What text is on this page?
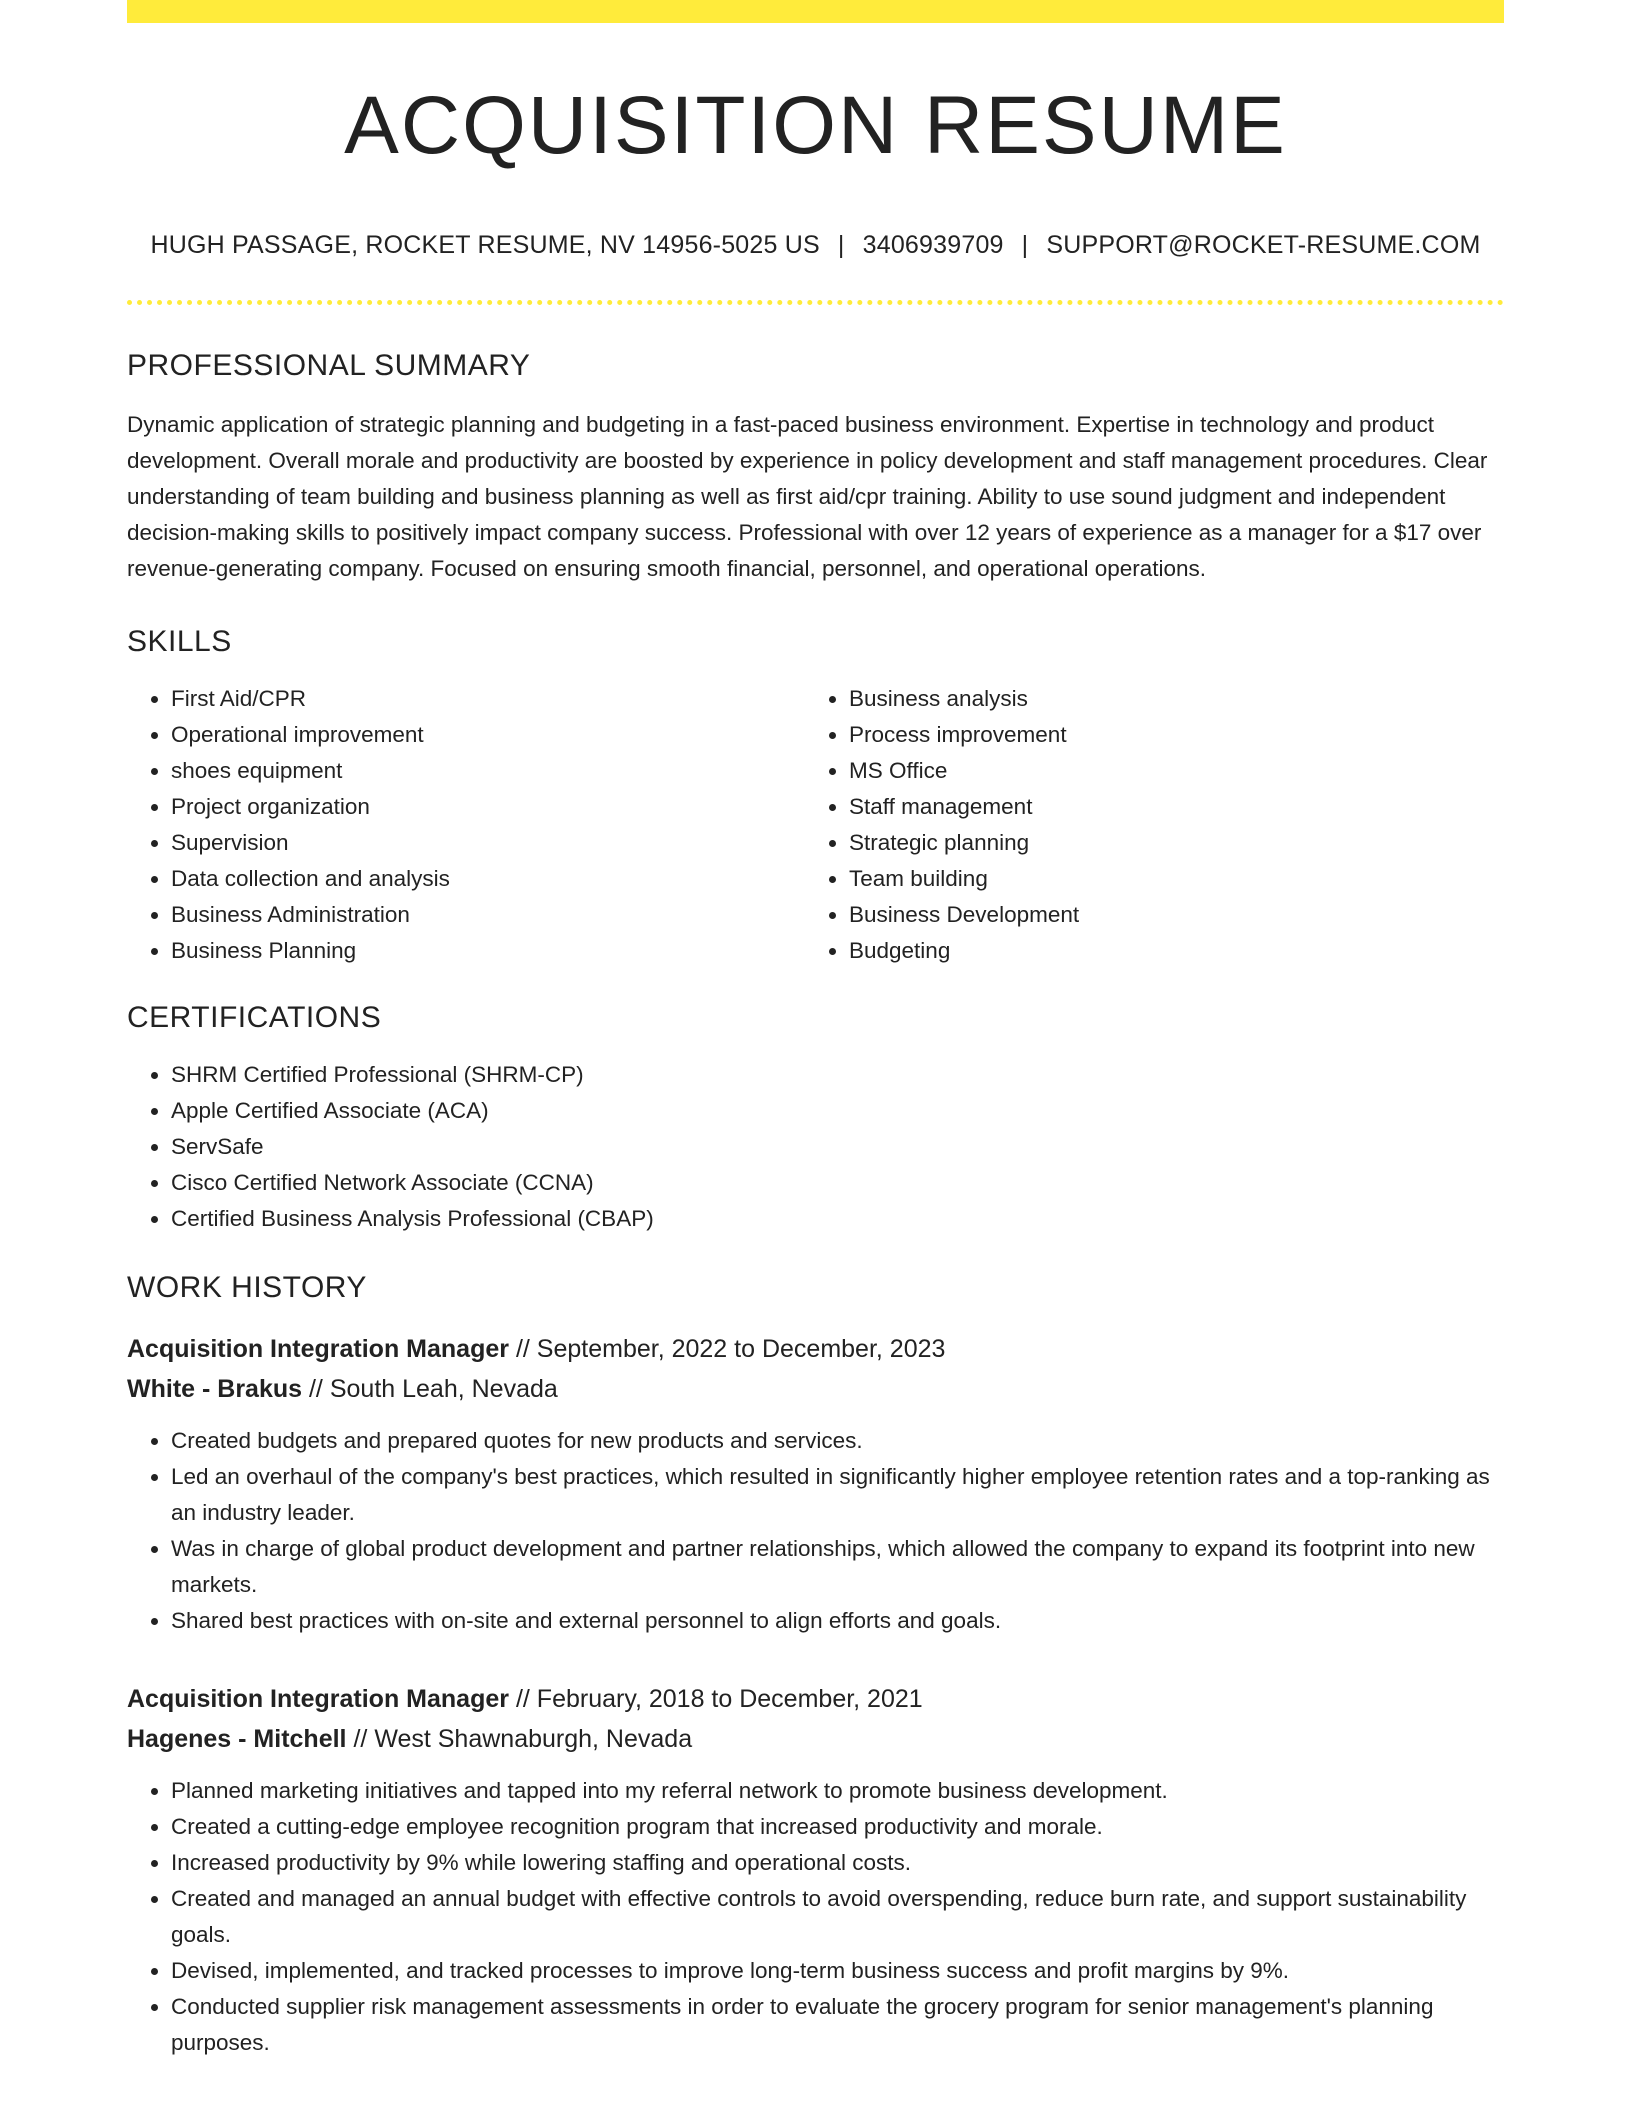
ACQUISITION RESUME
HUGH PASSAGE, ROCKET RESUME, NV 14956-5025 US | 3406939709 | SUPPORT@ROCKET-RESUME.COM
PROFESSIONAL SUMMARY

Dynamic application of strategic planning and budgeting in a fast-paced business environment. Expertise in technology and product development. Overall morale and productivity are boosted by experience in policy development and staff management procedures. Clear understanding of team building and business planning as well as first aid/cpr training. Ability to use sound judgment and independent decision-making skills to positively impact company success. Professional with over 12 years of experience as a manager for a $17 over revenue-generating company. Focused on ensuring smooth financial, personnel, and operational operations.

SKILLS
• First Aid/CPR
• Operational improvement
• shoes equipment
• Project organization
• Supervision
• Data collection and analysis
• Business Administration
• Business Planning
• Business analysis
• Process improvement
• MS Office
• Staff management
• Strategic planning
• Team building
• Business Development
• Budgeting
CERTIFICATIONS
• SHRM Certified Professional (SHRM-CP)
• Apple Certified Associate (ACA)
• ServSafe
• Cisco Certified Network Associate (CCNA)
• Certified Business Analysis Professional (CBAP)
WORK HISTORY
Acquisition Integration Manager // September, 2022 to December, 2023
White - Brakus // South Leah, Nevada
• Created budgets and prepared quotes for new products and services.
• Led an overhaul of the company's best practices, which resulted in significantly higher employee retention rates and a top-ranking as an industry leader.
• Was in charge of global product development and partner relationships, which allowed the company to expand its footprint into new markets.
• Shared best practices with on-site and external personnel to align efforts and goals.
Acquisition Integration Manager // February, 2018 to December, 2021
Hagenes - Mitchell // West Shawnaburgh, Nevada
• Planned marketing initiatives and tapped into my referral network to promote business development.
• Created a cutting-edge employee recognition program that increased productivity and morale.
• Increased productivity by 9% while lowering staffing and operational costs.
• Created and managed an annual budget with effective controls to avoid overspending, reduce burn rate, and support sustainability goals.
• Devised, implemented, and tracked processes to improve long-term business success and profit margins by 9%.
• Conducted supplier risk management assessments in order to evaluate the grocery program for senior management's planning purposes.
